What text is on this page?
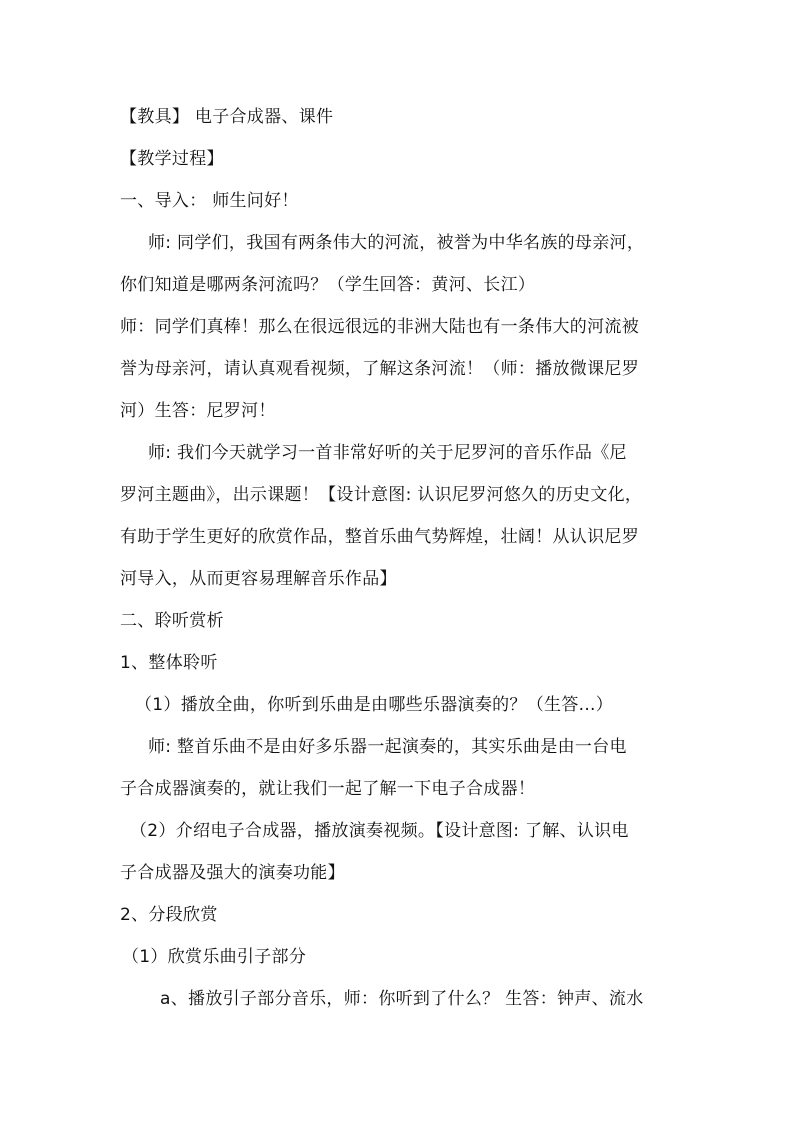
【教具】 电子合成器、课件
【教学过程】
一、导入： 师生问好！
师: 同学们，我国有两条伟大的河流，被誉为中华名族的母亲河，
你们知道是哪两条河流吗？（学生回答：黄河、长江）
师：同学们真棒！那么在很远很远的非洲大陆也有一条伟大的河流被
誉为母亲河，请认真观看视频，了解这条河流！（师：播放微课尼罗
河）生答：尼罗河！
师: 我们今天就学习一首非常好听的关于尼罗河的音乐作品《尼
罗河主题曲》，出示课题！【设计意图: 认识尼罗河悠久的历史文化，
有助于学生更好的欣赏作品，整首乐曲气势辉煌，壮阔！从认识尼罗
河导入，从而更容易理解音乐作品】
二、聆听赏析
1、整体聆听
（1）播放全曲，你听到乐曲是由哪些乐器演奏的？（生答...）
师: 整首乐曲不是由好多乐器一起演奏的，其实乐曲是由一台电
子合成器演奏的，就让我们一起了解一下电子合成器！
（2）介绍电子合成器，播放演奏视频。【设计意图: 了解、认识电
子合成器及强大的演奏功能】
2、分段欣赏
（1）欣赏乐曲引子部分
a、播放引子部分音乐，师：你听到了什么？ 生答：钟声、流水
